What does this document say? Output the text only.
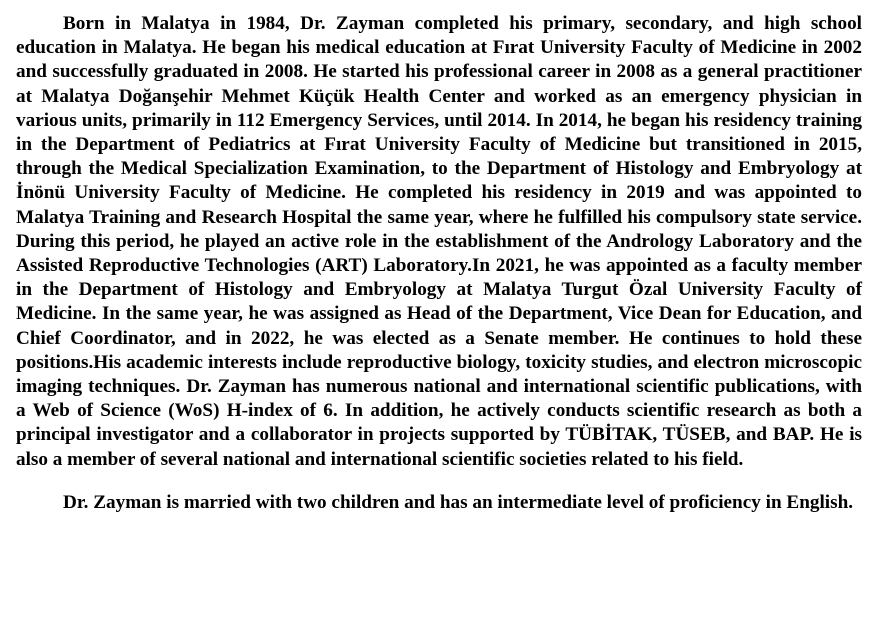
Born in Malatya in 1984, Dr. Zayman completed his primary, secondary, and high school education in Malatya. He began his medical education at Fırat University Faculty of Medicine in 2002 and successfully graduated in 2008. He started his professional career in 2008 as a general practitioner at Malatya Doğanşehir Mehmet Küçük Health Center and worked as an emergency physician in various units, primarily in 112 Emergency Services, until 2014. In 2014, he began his residency training in the Department of Pediatrics at Fırat University Faculty of Medicine but transitioned in 2015, through the Medical Specialization Examination, to the Department of Histology and Embryology at İnönü University Faculty of Medicine. He completed his residency in 2019 and was appointed to Malatya Training and Research Hospital the same year, where he fulfilled his compulsory state service. During this period, he played an active role in the establishment of the Andrology Laboratory and the Assisted Reproductive Technologies (ART) Laboratory.In 2021, he was appointed as a faculty member in the Department of Histology and Embryology at Malatya Turgut Özal University Faculty of Medicine. In the same year, he was assigned as Head of the Department, Vice Dean for Education, and Chief Coordinator, and in 2022, he was elected as a Senate member. He continues to hold these positions.His academic interests include reproductive biology, toxicity studies, and electron microscopic imaging techniques. Dr. Zayman has numerous national and international scientific publications, with a Web of Science (WoS) H-index of 6. In addition, he actively conducts scientific research as both a principal investigator and a collaborator in projects supported by TÜBİTAK, TÜSEB, and BAP. He is also a member of several national and international scientific societies related to his field.

Dr. Zayman is married with two children and has an intermediate level of proficiency in English.
